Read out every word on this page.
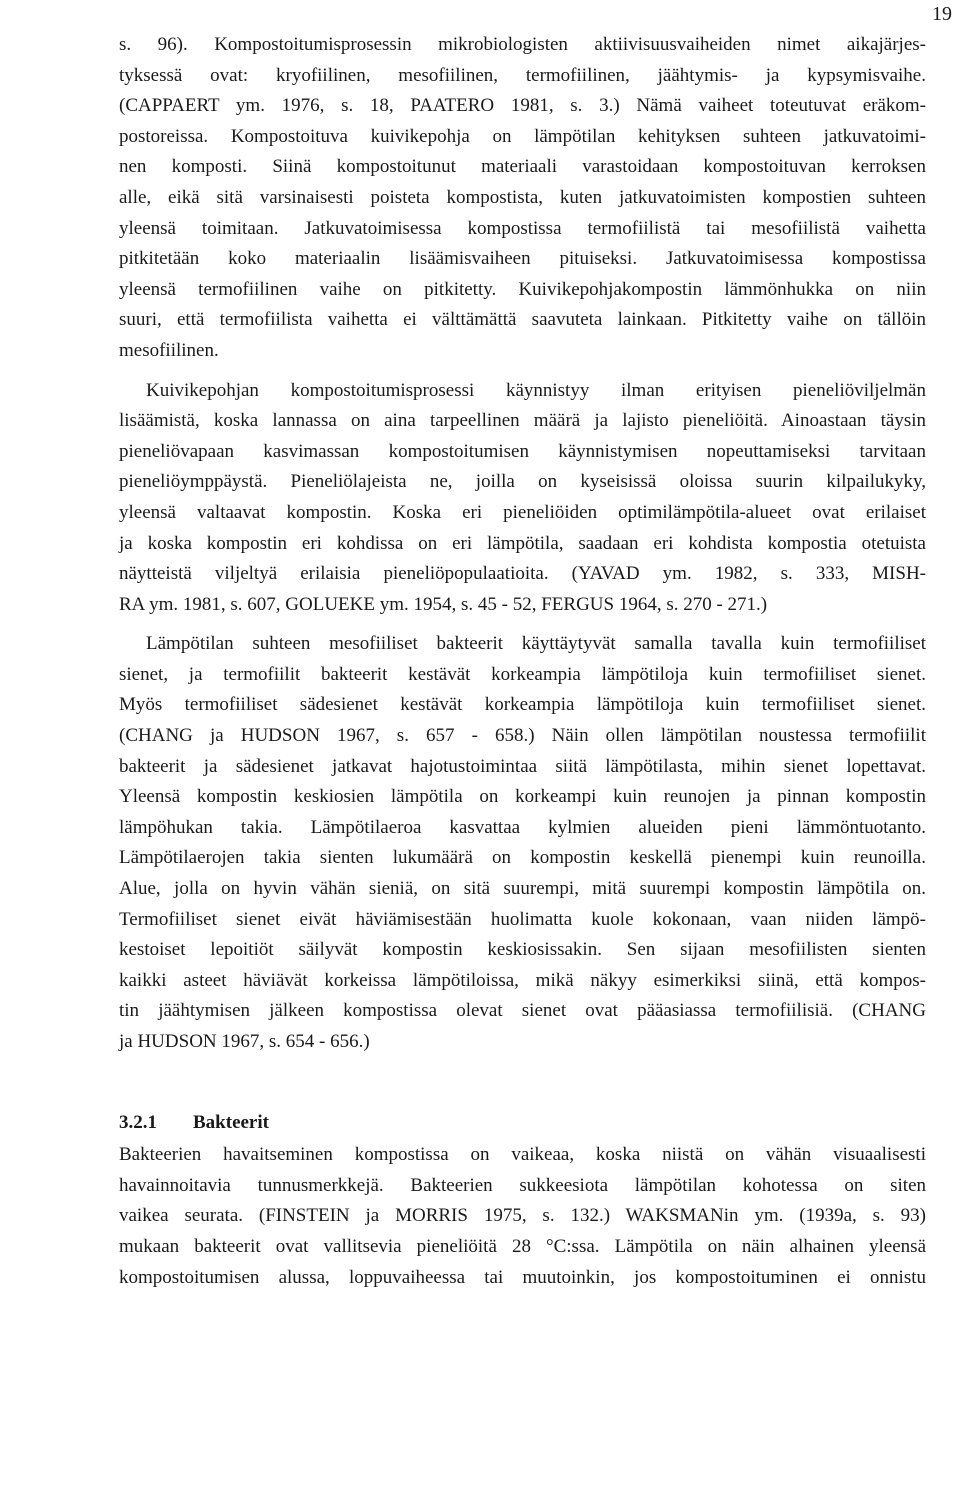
19
s. 96). Kompostoitumisprosessin mikrobiologisten aktiivisuusvaiheiden nimet aikajärjes-
tyksessä ovat: kryofiilinen, mesofiilinen, termofiilinen, jäähtymis- ja kypsymisvaihe.
(CAPPAERT ym. 1976, s. 18, PAATERO 1981, s. 3.) Nämä vaiheet toteutuvat eräkom-
postoreissa. Kompostoituva kuivikepohja on lämpötilan kehityksen suhteen jatkuvatoimi-
nen komposti. Siinä kompostoitunut materiaali varastoidaan kompostoituvan kerroksen
alle, eikä sitä varsinaisesti poisteta kompostista, kuten jatkuvatoimisten kompostien suhteen
yleensä toimitaan. Jatkuvatoimisessa kompostissa termofiilistä tai mesofiilistä vaihetta
pitkitetään koko materiaalin lisäämisvaiheen pituiseksi. Jatkuvatoimisessa kompostissa
yleensä termofiilinen vaihe on pitkitetty. Kuivikepohjakompostin lämmönhukka on niin
suuri, että termofiilista vaihetta ei välttämättä saavuteta lainkaan. Pitkitetty vaihe on tällöin
mesofiilinen.
Kuivikepohjan kompostoitumisprosessi käynnistyy ilman erityisen pieneliöviljelmän
lisäämistä, koska lannassa on aina tarpeellinen määrä ja lajisto pieneliöitä. Ainoastaan täysin
pieneliövapaan kasvimassan kompostoitumisen käynnistymisen nopeuttamiseksi tarvitaan
pieneliöymppäystä. Pieneliölajeista ne, joilla on kyseisissä oloissa suurin kilpailukyky,
yleensä valtaavat kompostin. Koska eri pieneliöiden optimilämpötila-alueet ovat erilaiset
ja koska kompostin eri kohdissa on eri lämpötila, saadaan eri kohdista kompostia otetuista
näytteistä viljeltyä erilaisia pieneliöpopulaatioita. (YAVAD ym. 1982, s. 333, MISH-
RA ym. 1981, s. 607, GOLUEKE ym. 1954, s. 45 - 52, FERGUS 1964, s. 270 - 271.)
Lämpötilan suhteen mesofiiliset bakteerit käyttäytyvät samalla tavalla kuin termofiiliset
sienet, ja termofiilit bakteerit kestävät korkeampia lämpötiloja kuin termofiiliset sienet.
Myös termofiiliset sädesienet kestävät korkeampia lämpötiloja kuin termofiiliset sienet.
(CHANG ja HUDSON 1967, s. 657 - 658.) Näin ollen lämpötilan noustessa termofiilit
bakteerit ja sädesienet jatkavat hajotustoimintaa siitä lämpötilasta, mihin sienet lopettavat.
Yleensä kompostin keskiosien lämpötila on korkeampi kuin reunojen ja pinnan kompostin
lämpöhukan takia. Lämpötilaeroa kasvattaa kylmien alueiden pieni lämmöntuotanto.
Lämpötilaerojen takia sienten lukumäärä on kompostin keskellä pienempi kuin reunoilla.
Alue, jolla on hyvin vähän sieniä, on sitä suurempi, mitä suurempi kompostin lämpötila on.
Termofiiliset sienet eivät häviämisestään huolimatta kuole kokonaan, vaan niiden lämpö-
kestoiset lepoitiöt säilyvät kompostin keskiosissakin. Sen sijaan mesofiilisten sienten
kaikki asteet häviävät korkeissa lämpötiloissa, mikä näkyy esimerkiksi siinä, että kompos-
tin jäähtymisen jälkeen kompostissa olevat sienet ovat pääasiassa termofiilisiä. (CHANG
ja HUDSON 1967, s. 654 - 656.)
3.2.1	Bakteerit
Bakteerien havaitseminen kompostissa on vaikeaa, koska niistä on vähän visuaalisesti
havainnoitavia tunnusmerkkejä. Bakteerien sukkeesiota lämpötilan kohotessa on siten
vaikea seurata. (FINSTEIN ja MORRIS 1975, s. 132.) WAKSMANin ym. (1939a, s. 93)
mukaan bakteerit ovat vallitsevia pieneliöitä 28 °C:ssa. Lämpötila on näin alhainen yleensä
kompostoitumisen alussa, loppuvaiheessa tai muutoinkin, jos kompostoituminen ei onnistu
